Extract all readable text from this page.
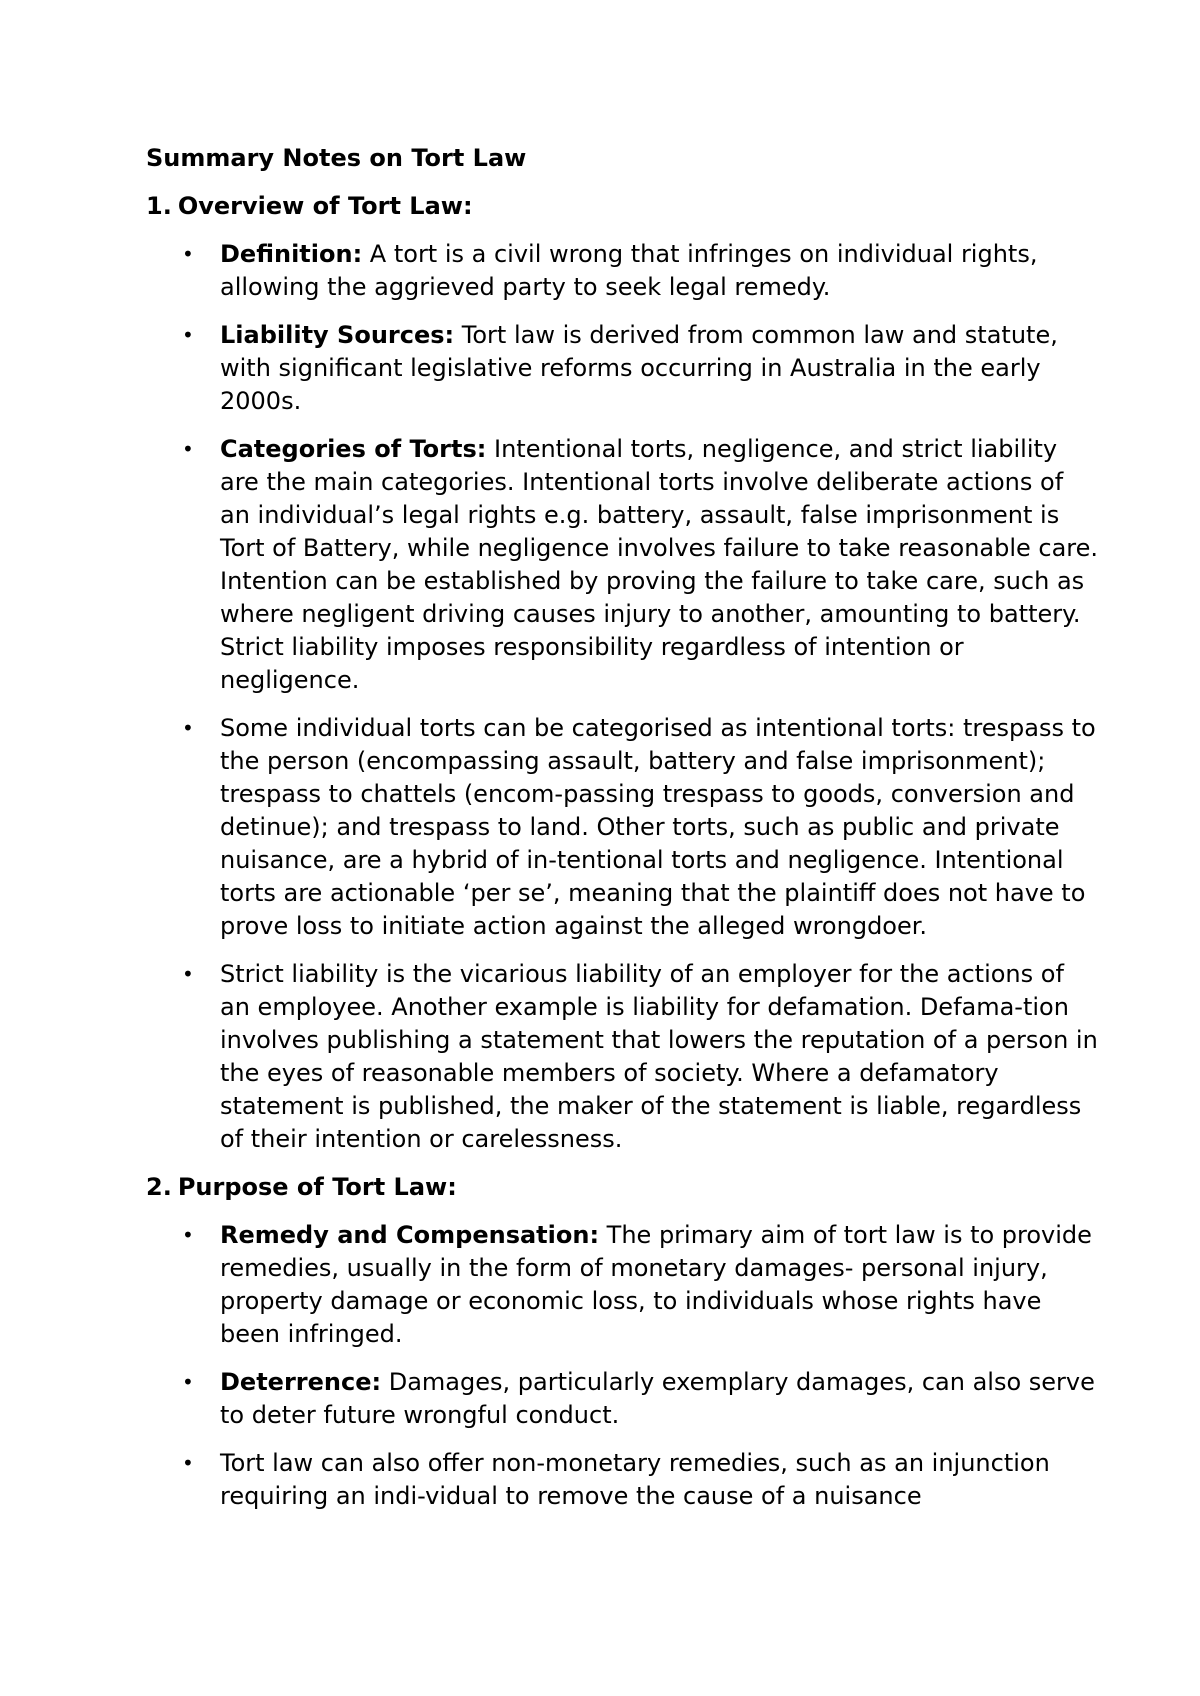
Summary Notes on Tort Law
1. Overview of Tort Law:
• Definition: A tort is a civil wrong that infringes on individual rights, allowing the aggrieved party to seek legal remedy.
• Liability Sources: Tort law is derived from common law and statute, with significant legislative reforms occurring in Australia in the early 2000s.
• Categories of Torts: Intentional torts, negligence, and strict liability are the main categories. Intentional torts involve deliberate actions of an individual’s legal rights e.g. battery, assault, false imprisonment is Tort of Battery, while negligence involves failure to take reasonable care. Intention can be established by proving the failure to take care, such as where negligent driving causes injury to another, amounting to battery. Strict liability imposes responsibility regardless of intention or negligence.
• Some individual torts can be categorised as intentional torts: trespass to the person (encompassing assault, battery and false imprisonment); trespass to chattels (encom-passing trespass to goods, conversion and detinue); and trespass to land. Other torts, such as public and private nuisance, are a hybrid of in-tentional torts and negligence. Intentional torts are actionable ‘per se’, meaning that the plaintiff does not have to prove loss to initiate action against the alleged wrongdoer.
• Strict liability is the vicarious liability of an employer for the actions of an employee. Another example is liability for defamation. Defama-tion involves publishing a statement that lowers the reputation of a person in the eyes of reasonable members of society. Where a defamatory statement is published, the maker of the statement is liable, regardless of their intention or carelessness.
2. Purpose of Tort Law:
• Remedy and Compensation: The primary aim of tort law is to provide remedies, usually in the form of monetary damages- personal injury, property damage or economic loss, to individuals whose rights have been infringed.
• Deterrence: Damages, particularly exemplary damages, can also serve to deter future wrongful conduct.
• Tort law can also offer non-monetary remedies, such as an injunction requiring an indi-vidual to remove the cause of a nuisance
